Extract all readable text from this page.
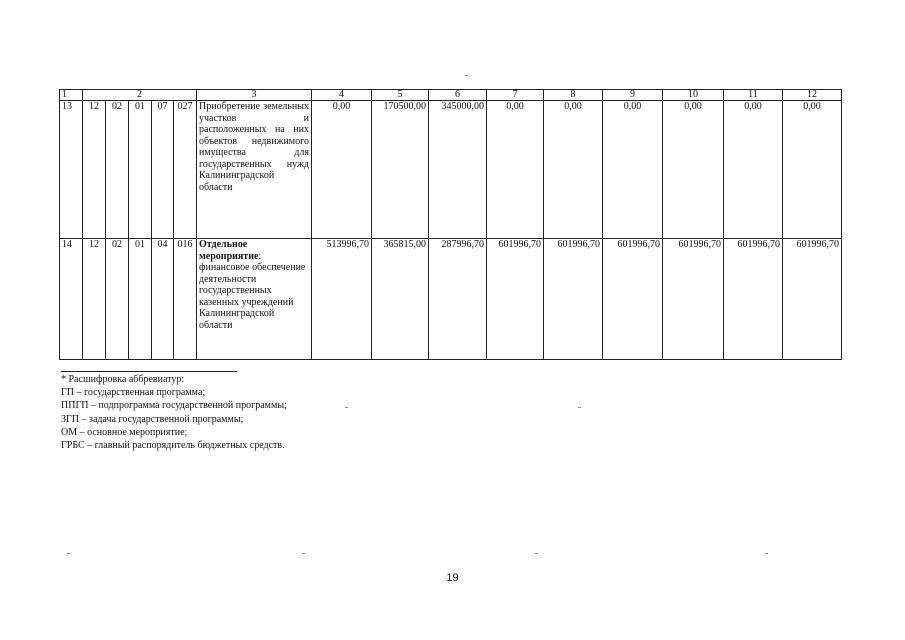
1	2					3	4	5	6	7	8	9	10	11	12
13	12	02	01	07	027	Приобретение земельных участков и расположенных на них объектов недвижимого имущества для государственных нужд Калининградской области	0,00	170500,00	345000,00	0,00	0,00	0,00	0,00	0,00	0,00
14	12	02	01	04	016	Отдельное мероприятие: финансовое обеспечение деятельности государственных казенных учреждений Калининградской области	513996,70	365815,00	287996,70	601996,70	601996,70	601996,70	601996,70	601996,70	601996,70
* Расшифровка аббревиатур:
ГП – государственная программа;
ППГП – подпрограмма государственной программы;
ЗГП – задача государственной программы;
ОМ – основное мероприятие;
ГРБС – главный распорядитель бюджетных средств.
19
